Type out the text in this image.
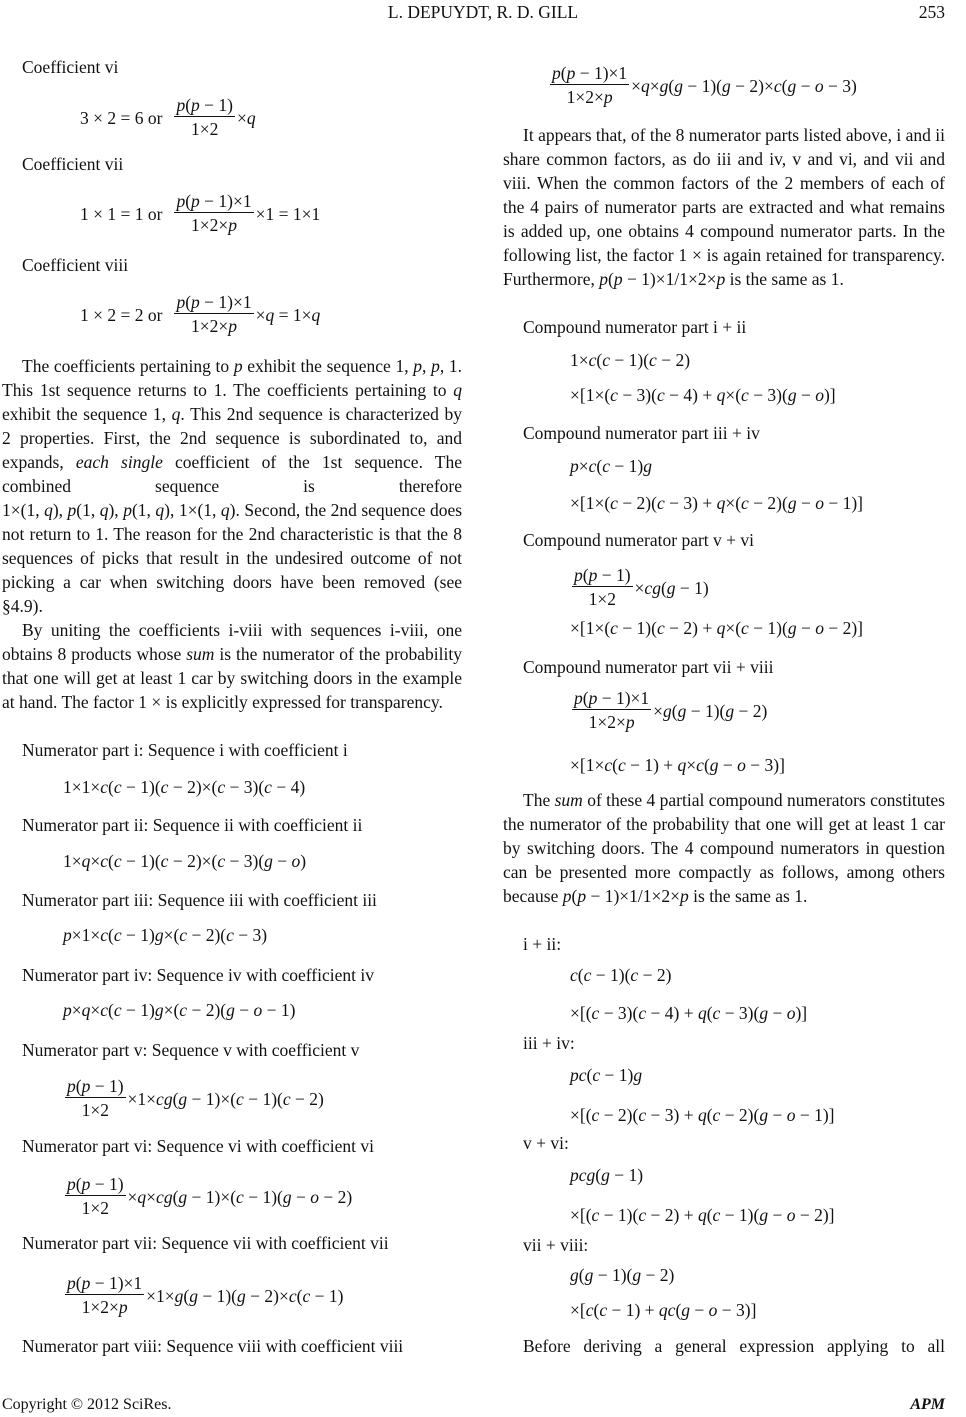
L. DEPUYDT, R. D. GILL	253
Coefficient vi
3 × 2 = 6 or $\frac{p(p - 1)}{1\times 2} \times q$
Coefficient vii
1 × 1 = 1 or $\frac{p(p - 1)\times 1}{1\times 2\times p} \times 1 = 1\times 1$
Coefficient viii
1 × 2 = 2 or $\frac{p(p - 1)\times 1}{1\times 2\times p} \times q = 1\times q$
The coefficients pertaining to p exhibit the sequence 1, p, p, 1. This 1st sequence returns to 1. The coefficients pertaining to q exhibit the sequence 1, q. This 2nd sequence is characterized by 2 properties. First, the 2nd sequence is subordinated to, and expands, each single coefficient of the 1st sequence. The combined sequence is therefore 1×(1, q), p(1, q), p(1, q), 1×(1, q). Second, the 2nd sequence does not return to 1. The reason for the 2nd characteristic is that the 8 sequences of picks that result in the undesired outcome of not picking a car when switching doors have been removed (see §4.9).
By uniting the coefficients i-viii with sequences i-viii, one obtains 8 products whose sum is the numerator of the probability that one will get at least 1 car by switching doors in the example at hand. The factor 1 × is explicitly expressed for transparency.
Numerator part i: Sequence i with coefficient i
1×1×c(c − 1)(c − 2)×(c − 3)(c − 4)
Numerator part ii: Sequence ii with coefficient ii
1×q×c(c − 1)(c − 2)×(c − 3)(g − o)
Numerator part iii: Sequence iii with coefficient iii
p×1×c(c − 1)g×(c − 2)(c − 3)
Numerator part iv: Sequence iv with coefficient iv
p×q×c(c − 1)g×(c − 2)(g − o − 1)
Numerator part v: Sequence v with coefficient v
$\frac{p(p - 1)}{1\times 2} \times 1\times cg(g - 1)\times(c - 1)(c - 2)$
Numerator part vi: Sequence vi with coefficient vi
$\frac{p(p - 1)}{1\times 2} \times q\times cg(g - 1)\times(c - 1)(g - o - 2)$
Numerator part vii: Sequence vii with coefficient vii
$\frac{p(p - 1)\times 1}{1\times 2\times p} \times 1\times g(g - 1)(g - 2)\times c(c - 1)$
Numerator part viii: Sequence viii with coefficient viii
Copyright © 2012 SciRes.
$\frac{p(p - 1)\times 1}{1\times 2\times p} \times q\times g(g - 1)(g - 2)\times c(g - o - 3)$
It appears that, of the 8 numerator parts listed above, i and ii share common factors, as do iii and iv, v and vi, and vii and viii. When the common factors of the 2 members of each of the 4 pairs of numerator parts are extracted and what remains is added up, one obtains 4 compound numerator parts. In the following list, the factor 1 × is again retained for transparency. Furthermore, p(p − 1)×1/1×2×p is the same as 1.
Compound numerator part i + ii
1×c(c − 1)(c − 2)
×[1×(c − 3)(c − 4) + q×(c − 3)(g − o)]
Compound numerator part iii + iv
p×c(c − 1)g
×[1×(c − 2)(c − 3) + q×(c − 2)(g − o − 1)]
Compound numerator part v + vi
$\frac{p(p - 1)}{1\times 2} \times cg(g - 1)$
×[1×(c − 1)(c − 2) + q×(c − 1)(g − o − 2)]
Compound numerator part vii + viii
$\frac{p(p - 1)\times 1}{1\times 2\times p} \times g(g - 1)(g - 2)$
×[1×c(c − 1) + q×c(g − o − 3)]
The sum of these 4 partial compound numerators constitutes the numerator of the probability that one will get at least 1 car by switching doors. The 4 compound numerators in question can be presented more compactly as follows, among others because p(p − 1)×1/1×2×p is the same as 1.
i + ii:
c(c − 1)(c − 2)
×[(c − 3)(c − 4) + q(c − 3)(g − o)]
iii + iv:
pc(c − 1)g
×[(c − 2)(c − 3) + q(c − 2)(g − o − 1)]
v + vi:
pcg(g − 1)
×[(c − 1)(c − 2) + q(c − 1)(g − o − 2)]
vii + viii:
g(g − 1)(g − 2)
×[c(c − 1) + qc(g − o − 3)]
Before deriving a general expression applying to all
APM
